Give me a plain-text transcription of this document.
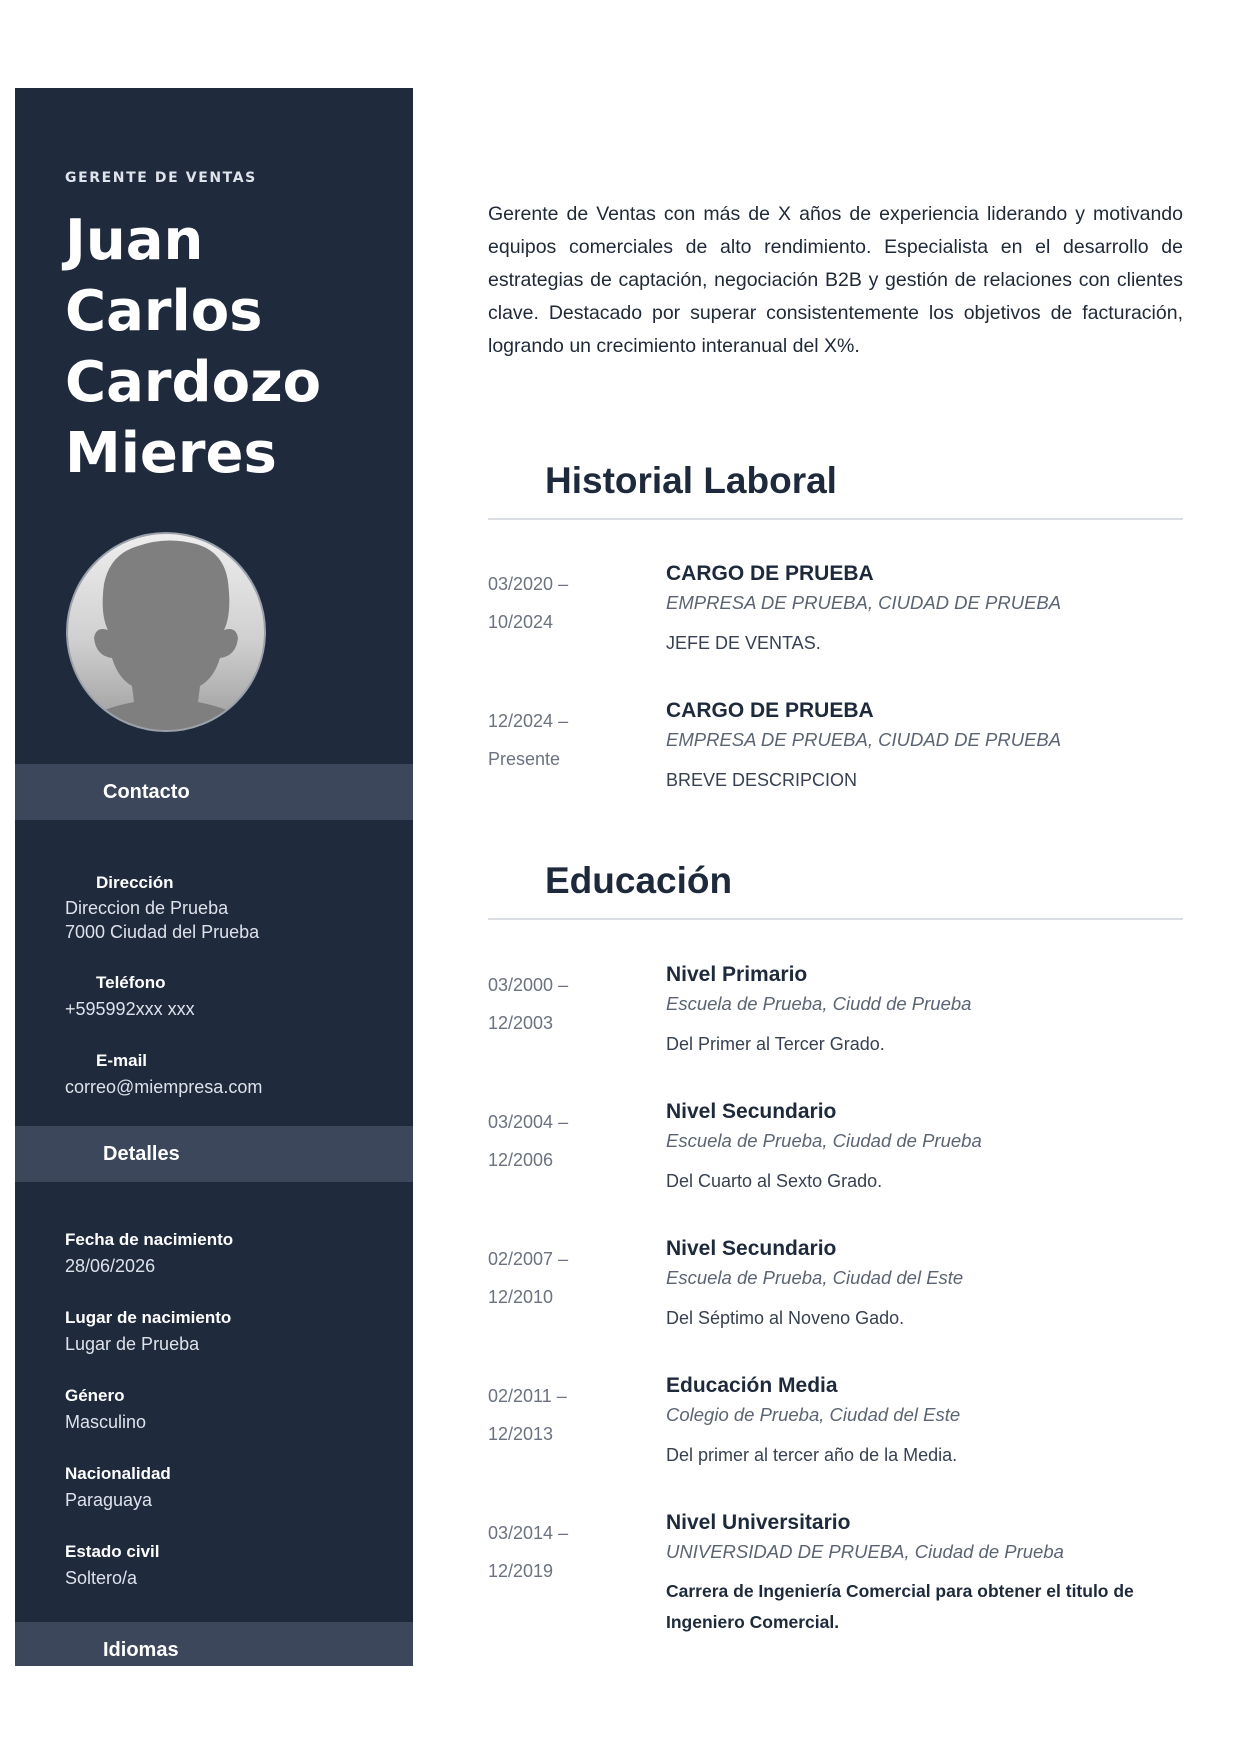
GERENTE DE VENTAS
Juan
Carlos
Cardozo
Mieres
Contacto
Dirección
Direccion de Prueba
7000 Ciudad del Prueba
Teléfono
+595992xxx xxx
E-mail
correo@miempresa.com
Detalles
Fecha de nacimiento
28/06/2026
Lugar de nacimiento
Lugar de Prueba
Género
Masculino
Nacionalidad
Paraguaya
Estado civil
Soltero/a
Idiomas
Gerente de Ventas con más de X años de experiencia liderando y motivando equipos comerciales de alto rendimiento. Especialista en el desarrollo de estrategias de captación, negociación B2B y gestión de relaciones con clientes clave. Destacado por superar consistentemente los objetivos de facturación, logrando un crecimiento interanual del X%.
Historial Laboral
03/2020 –
10/2024
CARGO DE PRUEBA
EMPRESA DE PRUEBA, CIUDAD DE PRUEBA
JEFE DE VENTAS.
12/2024 –
Presente
CARGO DE PRUEBA
EMPRESA DE PRUEBA, CIUDAD DE PRUEBA
BREVE DESCRIPCION
Educación
03/2000 –
12/2003
Nivel Primario
Escuela de Prueba, Ciudd de Prueba
Del Primer al Tercer Grado.
03/2004 –
12/2006
Nivel Secundario
Escuela de Prueba, Ciudad de Prueba
Del Cuarto al Sexto Grado.
02/2007 –
12/2010
Nivel Secundario
Escuela de Prueba, Ciudad del Este
Del Séptimo al Noveno Gado.
02/2011 –
12/2013
Educación Media
Colegio de Prueba, Ciudad del Este
Del primer al tercer año de la Media.
03/2014 –
12/2019
Nivel Universitario
UNIVERSIDAD DE PRUEBA, Ciudad de Prueba
Carrera de Ingeniería Comercial para obtener el titulo de Ingeniero Comercial.
